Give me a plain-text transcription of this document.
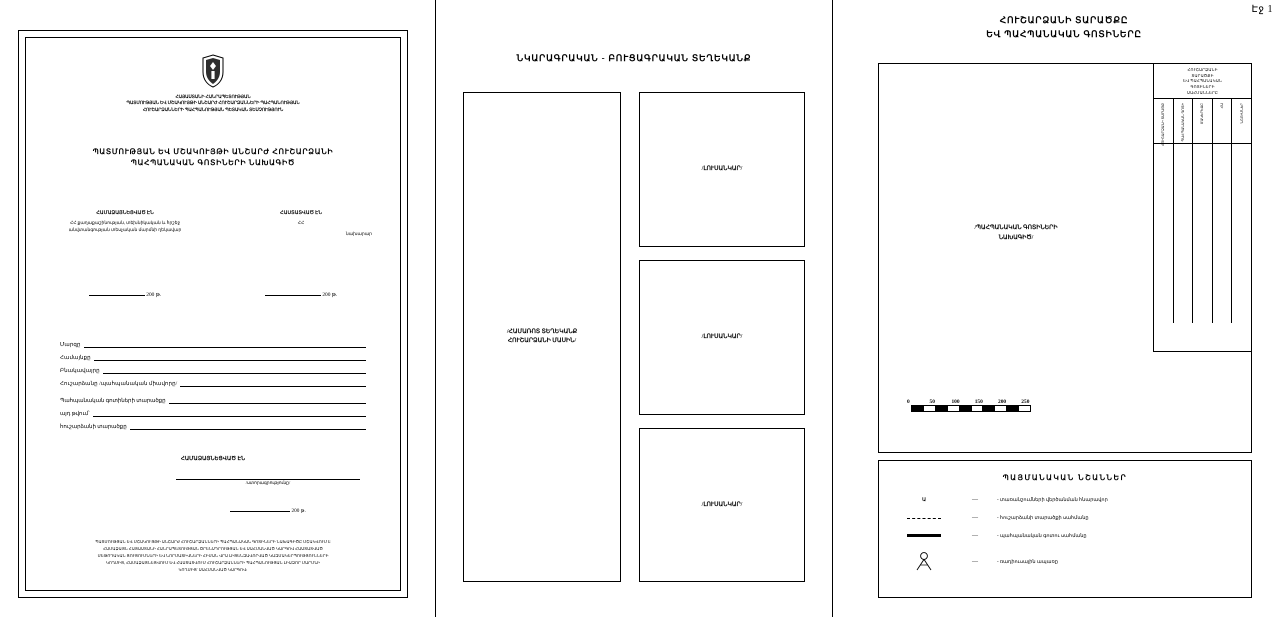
Էջ 1
ՀԱՅԱՍՏԱՆԻ ՀԱՆՐԱՊԵՏՈՒԹՅԱՆ
ՊԱՏՄՈՒԹՅԱՆ ԵՎ ՄՇԱԿՈՒՅԹԻ ԱՆՇԱՐԺ ՀՈՒՇԱՐՁԱՆՆԵՐԻ ՊԱՀՊԱՆՈՒԹՅԱՆ
ՀՈՒՇԱՐՁԱՆՆԵՐԻ ՊԱՀՊԱՆՈՒԹՅԱՆ ՊԵՏԱԿԱՆ ՏԵՍՉՈՒԹՅՈՒՆ
ՊԱՏՄՈՒԹՅԱՆ ԵՎ ՄՇԱԿՈՒՅԹԻ ԱՆՇԱՐԺ ՀՈՒՇԱՐՁԱՆԻ
ՊԱՀՊԱՆԱԿԱՆ ԳՈՏԻՆԵՐԻ ՆԱԽԱԳԻԾ
ՀԱՄԱՁԱՅՆԵՑՎԱԾ ԷՆ
ՀՀ քաղաքաշինության, տեխնիկական և հրշեջ անվտանգության տեսչական մարմնի ղեկավար
ՀԱՍՏԱՏՎԱԾ ԷՆ
ՀՀ
նախարար
200 թ.	200 թ.
Մարզը
Համայնքը
Բնակավայրը
Հուշարձանը /պահպանական միավորը/
Պահպանական գոտիների տարածքը
այդ թվում՝
հուշարձանի տարածքը
ՀԱՄԱՁԱՅՆԵՑՎԱԾ ԷՆ
/ստորագրությունը/
200 թ.
ՊԱՏՄՈՒԹՅԱՆ ԵՎ ՄՇԱԿՈՒՅԹԻ ԱՆՇԱՐԺ ՀՈՒՇԱՐՁԱՆՆԵՐԻ ՊԱՀՊԱՆԱԿԱՆ ԳՈՏԻՆԵՐԻ ՆԱԽԱԳԻԾԸ ՄՇԱԿՎՈՒՄ Է
ՀԱՄԱՁԱՅՆ ՀԱՅԱՍՏԱՆԻ ՀԱՆՐԱՊԵՏՈՒԹՅԱՆ ՕՐԵՆՍԴՐՈՒԹՅԱՆ ԵՎ ՍԱՀՄԱՆՎԱԾ ԿԱՐԳՈՎ ՀԱՍՏԱՏՎԱԾ
ՄԵԹՈԴԱԿԱՆ ՑՈՒՑՈՒՄՆԵՐԻ ԵՎ ՆՈՐՄԱՏԻՎՆԵՐԻ ՀԻՄԱՆ ՎՐԱ ԼԻՑԵՆԶԱՎՈՐՎԱԾ ԿԱԶՄԱԿԵՐՊՈՒԹՅՈՒՆՆԵՐԻ
ԿՈՂՄԻՑ, ՀԱՄԱՁԱՅՆԵՑՎՈՒՄ ԵՎ ՀԱՍՏԱՏՎՈՒՄ ՀՈՒՇԱՐՁԱՆՆԵՐԻ ՊԱՀՊԱՆՈՒԹՅԱՆ ԼԻԱԶՈՐ ՄԱՐՄՆԻ
ԿՈՂՄԻՑ՝ ՍԱՀՄԱՆՎԱԾ ԿԱՐԳՈՎ։
ՆԿԱՐԱԳՐԱԿԱՆ - ԲՈՒՑԱԳՐԱԿԱՆ ՏԵՂԵԿԱՆՔ
/ՀԱՄԱՌՈՏ ՏԵՂԵԿԱՆՔ
ՀՈՒՇԱՐՁԱՆԻ ՄԱՍԻՆ/
/ԼՈՒՍԱՆԿԱՐ/
/ԼՈՒՍԱՆԿԱՐ/
/ԼՈՒՍԱՆԿԱՐ/
ՀՈՒՇԱՐՁԱՆԻ ՏԱՐԱԾՔԸ
ԵՎ ՊԱՀՊԱՆԱԿԱՆ ԳՈՏԻՆԵՐԸ
ՀՈՒՇԱՐՁԱՆԻ
ՏԱՐԱԾՔԻ
ԵՎ ՊԱՀՊԱՆԱԿԱՆ
ԳՈՏԻՆԵՐԻ
ՍԱՀՄԱՆՆԵՐԸ
ՀՈՒՇԱՐՁԱՆԻ ՏԱՐԱԾՔ	ՊԱՀՊԱՆԱԿԱՆ ԳՈՏԻ	ՄԱԿԵՐԵՍԸ	ՀԱ	ՆՇՈՒՄՆԵՐ
/ՊԱՀՊԱՆԱԿԱՆ ԳՈՏԻՆԵՐԻ
ՆԱԽԱԳԻԾ/
0	50	100	150	200	250
ՊԱՅՄԱՆԱԿԱՆ ՆՇԱՆՆԵՐ
Ա	—	- տառանշումների վերծանման հնարավոր
—	- հուշարձանի տարածքի սահմանը
—	- պահպանական գոտու սահմանը
—	- ռադիուսային ապառը
